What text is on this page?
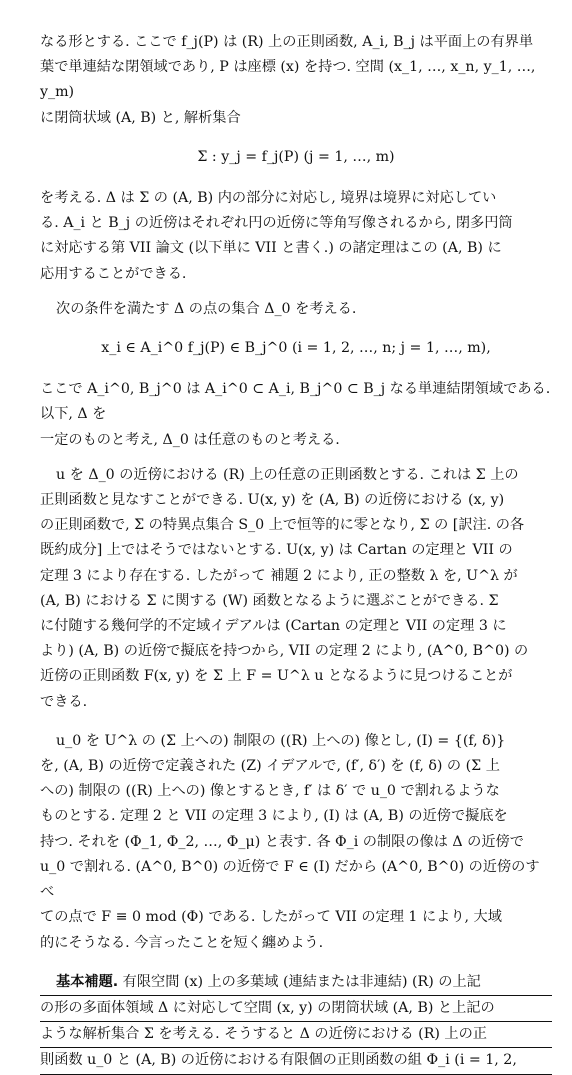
なる形とする. ここで f_j(P) は (R) 上の正則函数, A_i, B_j は平面上の有界単

葉で単連結な閉領域であり, P は座標 (x) を持つ. 空間 (x_1, …, x_n, y_1, …, y_m)

に閉筒状域 (A, B) と, 解析集合

Σ : y_j = f_j(P) (j = 1, …, m)

を考える. Δ は Σ の (A, B) 内の部分に対応し, 境界は境界に対応してい

る. A_i と B_j の近傍はそれぞれ円の近傍に等角写像されるから, 閉多円筒

に対応する第 VII 論文 (以下単に VII と書く.) の諸定理はこの (A, B) に

応用することができる.

次の条件を満たす Δ の点の集合 Δ_0 を考える.

x_i ∈ A_i^0 f_j(P) ∈ B_j^0 (i = 1, 2, …, n; j = 1, …, m),

ここで A_i^0, B_j^0 は A_i^0 ⊂ A_i, B_j^0 ⊂ B_j なる単連結閉領域である. 以下, Δ を

一定のものと考え, Δ_0 は任意のものと考える.

u を Δ_0 の近傍における (R) 上の任意の正則函数とする. これは Σ 上の

正則函数と見なすことができる. U(x, y) を (A, B) の近傍における (x, y)

の正則函数で, Σ の特異点集合 S_0 上で恒等的に零となり, Σ の [訳注. の各

既約成分] 上ではそうではないとする. U(x, y) は Cartan の定理と VII の

定理 3 により存在する. したがって 補題 2 により, 正の整数 λ を, U^λ が

(A, B) における Σ に関する (W) 函数となるように選ぶことができる. Σ

に付随する幾何学的不定域イデアルは (Cartan の定理と VII の定理 3 に

より) (A, B) の近傍で擬底を持つから, VII の定理 2 により, (A^0, B^0) の

近傍の正則函数 F(x, y) を Σ 上 F = U^λ u となるように見つけることが

できる.

u_0 を U^λ の (Σ 上への) 制限の ((R) 上への) 像とし, (I) = {(f, δ)}

を, (A, B) の近傍で定義された (Z) イデアルで, (f′, δ′) を (f, δ) の (Σ 上

への) 制限の ((R) 上への) 像とするとき, f′ は δ′ で u_0 で割れるような

ものとする. 定理 2 と VII の定理 3 により, (I) は (A, B) の近傍で擬底を

持つ. それを (Φ_1, Φ_2, …, Φ_μ) と表す. 各 Φ_i の制限の像は Δ の近傍で

u_0 で割れる. (A^0, B^0) の近傍で F ∈ (I) だから (A^0, B^0) の近傍のすべ

ての点で F ≡ 0 mod (Φ) である. したがって VII の定理 1 により, 大域

的にそうなる. 今言ったことを短く纏めよう.

基本補題. 有限空間 (x) 上の多葉域 (連結または非連結) (R) の上記

の形の多面体領域 Δ に対応して空間 (x, y) の閉筒状域 (A, B) と上記の

ような解析集合 Σ を考える. そうすると Δ の近傍における (R) 上の正

則函数 u_0 と (A, B) の近傍における有限個の正則函数の組 Φ_i (i = 1, 2,
